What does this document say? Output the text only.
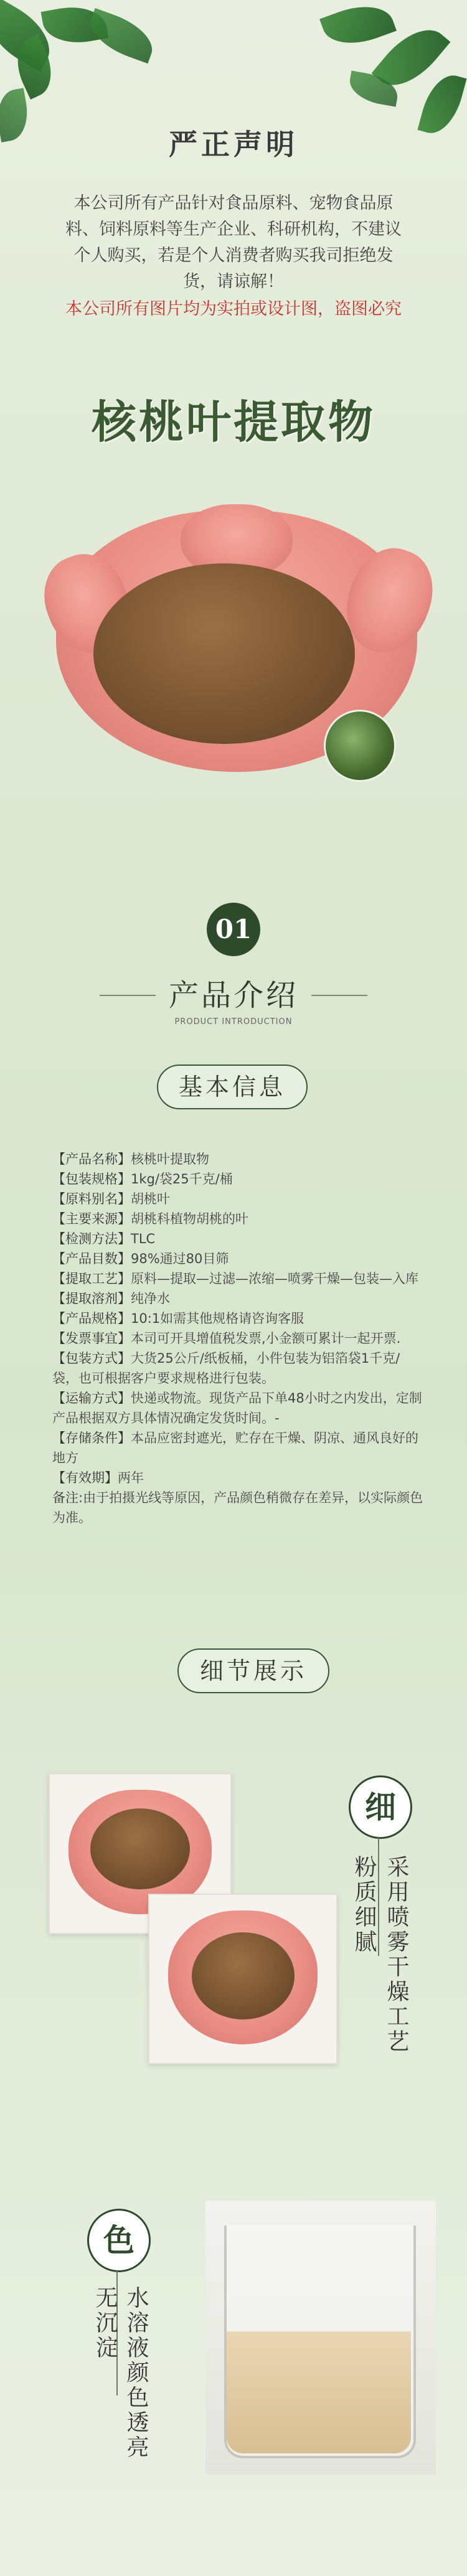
严正声明
本公司所有产品针对食品原料、宠物食品原料、饲料原料等生产企业、科研机构，不建议个人购买，若是个人消费者购买我司拒绝发货，请谅解！
本公司所有图片均为实拍或设计图，盗图必究
核桃叶提取物
01
产品介绍
PRODUCT INTRODUCTION
基本信息

【产品名称】核桃叶提取物

【包装规格】1kg/袋25千克/桶

【原料别名】胡桃叶

【主要来源】胡桃科植物胡桃的叶

【检测方法】TLC

【产品目数】98%通过80目筛

【提取工艺】原料—提取—过滤—浓缩—喷雾干燥—包装—入库

【提取溶剂】纯净水

【产品规格】10:1如需其他规格请咨询客服

【发票事宜】本司可开具增值税发票,小金额可累计一起开票.

【包装方式】大货25公斤/纸板桶，小件包装为铝箔袋1千克/袋，也可根据客户要求规格进行包装。

【运输方式】快递或物流。现货产品下单48小时之内发出，定制产品根据双方具体情况确定发货时间。-

【存储条件】本品应密封遮光，贮存在干燥、阴凉、通风良好的地方

【有效期】两年

备注:由于拍摄光线等原因，产品颜色稍微存在差异，以实际颜色为准。

细节展示
细
采用喷雾干燥工艺
粉质细腻
色
水溶液颜色透亮
无沉淀
